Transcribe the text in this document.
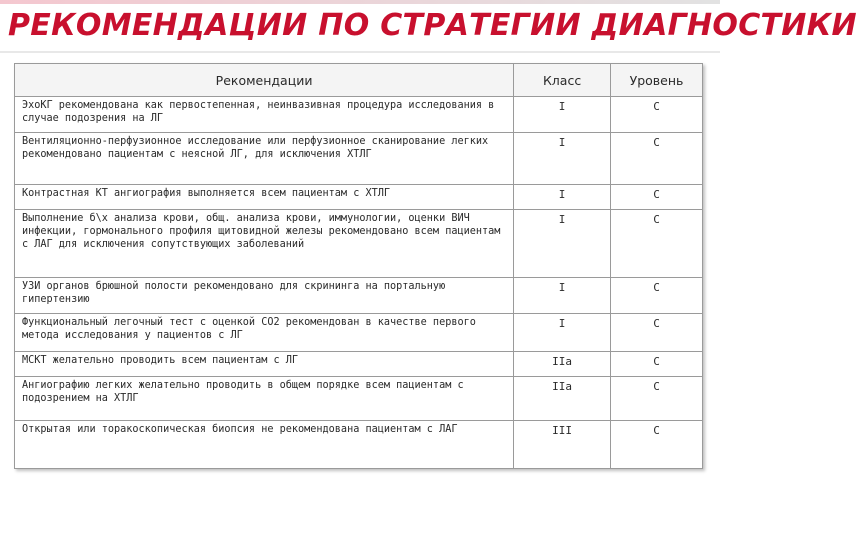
РЕКОМЕНДАЦИИ ПО СТРАТЕГИИ ДИАГНОСТИКИ
Рекомендации	Класс	Уровень
ЭхоКГ рекомендована как первостепенная, неинвазивная процедура исследования в случае подозрения на ЛГ	I	C
Вентиляционно-перфузионное исследование или перфузионное сканирование легких рекомендовано пациентам с неясной ЛГ, для исключения ХТЛГ	I	C
Контрастная КТ ангиография выполняется всем пациентам с ХТЛГ	I	C
Выполнение б\х анализа крови, общ. анализа крови, иммунологии, оценки ВИЧ инфекции, гормонального профиля щитовидной железы рекомендовано всем пациентам с ЛАГ для исключения сопутствующих заболеваний	I	C
УЗИ органов брюшной полости рекомендовано для скрининга на портальную гипертензию	I	C
Функциональный легочный тест с оценкой СО2 рекомендован в качестве первого метода исследования у пациентов с ЛГ	I	C
МСКТ желательно проводить всем пациентам с ЛГ	IIa	C
Ангиографию легких желательно проводить в общем порядке всем пациентам с подозрением на ХТЛГ	IIa	C
Открытая или торакоскопическая биопсия не рекомендована пациентам с ЛАГ	III	C
